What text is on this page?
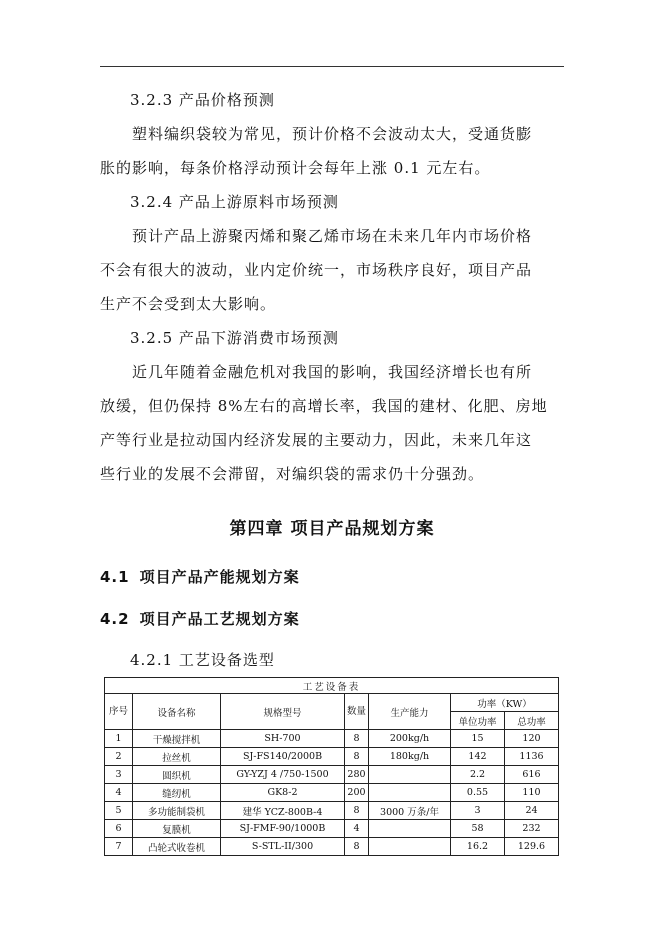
3.2.3 产品价格预测
塑料编织袋较为常见，预计价格不会波动太大，受通货膨
胀的影响，每条价格浮动预计会每年上涨 0.1 元左右。
3.2.4 产品上游原料市场预测
预计产品上游聚丙烯和聚乙烯市场在未来几年内市场价格
不会有很大的波动，业内定价统一，市场秩序良好，项目产品
生产不会受到太大影响。
3.2.5 产品下游消费市场预测
近几年随着金融危机对我国的影响，我国经济增长也有所
放缓，但仍保持 8%左右的高增长率，我国的建材、化肥、房地
产等行业是拉动国内经济发展的主要动力，因此，未来几年这
些行业的发展不会滞留，对编织袋的需求仍十分强劲。
第四章 项目产品规划方案
4.1 项目产品产能规划方案
4.2 项目产品工艺规划方案
4.2.1 工艺设备选型
工艺设备表						
序号	设备名称	规格型号	数量	生产能力	功率（KW）	
					单位功率	总功率
1	干燥搅拌机	SH-700	8	200kg/h	15	120
2	拉丝机	SJ-FS140/2000B	8	180kg/h	142	1136
3	圆织机	GY-YZJ 4 /750-1500	280		2.2	616
4	缝纫机	GK8-2	200		0.55	110
5	多功能制袋机	建华 YCZ-800B-4	8	3000 万条/年	3	24
6	复膜机	SJ-FMF-90/1000B	4		58	232
7	凸轮式收卷机	S-STL-II/300	8		16.2	129.6
